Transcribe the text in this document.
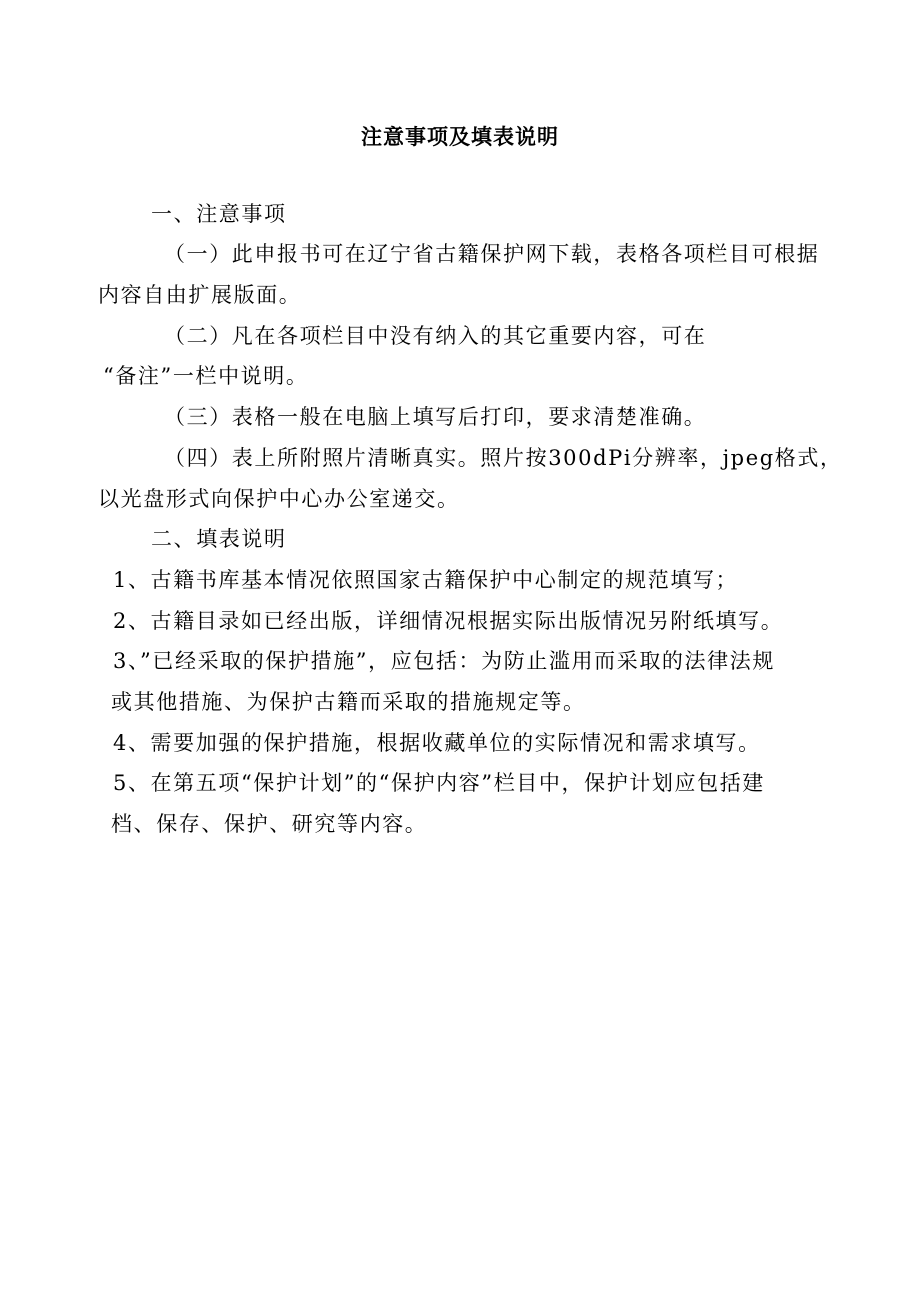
注意事项及填表说明
一、注意事项
（一）此申报书可在辽宁省古籍保护网下载，表格各项栏目可根据
内容自由扩展版面。
（二）凡在各项栏目中没有纳入的其它重要内容，可在
“备注”一栏中说明。
（三）表格一般在电脑上填写后打印，要求清楚准确。
（四）表上所附照片清晰真实。照片按300dPi分辨率，jpeg格式，
以光盘形式向保护中心办公室递交。
二、填表说明
1、古籍书库基本情况依照国家古籍保护中心制定的规范填写；
2、古籍目录如已经出版，详细情况根据实际出版情况另附纸填写。
3、”已经采取的保护措施”，应包括：为防止滥用而采取的法律法规
或其他措施、为保护古籍而采取的措施规定等。
4、需要加强的保护措施，根据收藏单位的实际情况和需求填写。
5、在第五项“保护计划”的“保护内容”栏目中，保护计划应包括建
档、保存、保护、研究等内容。
